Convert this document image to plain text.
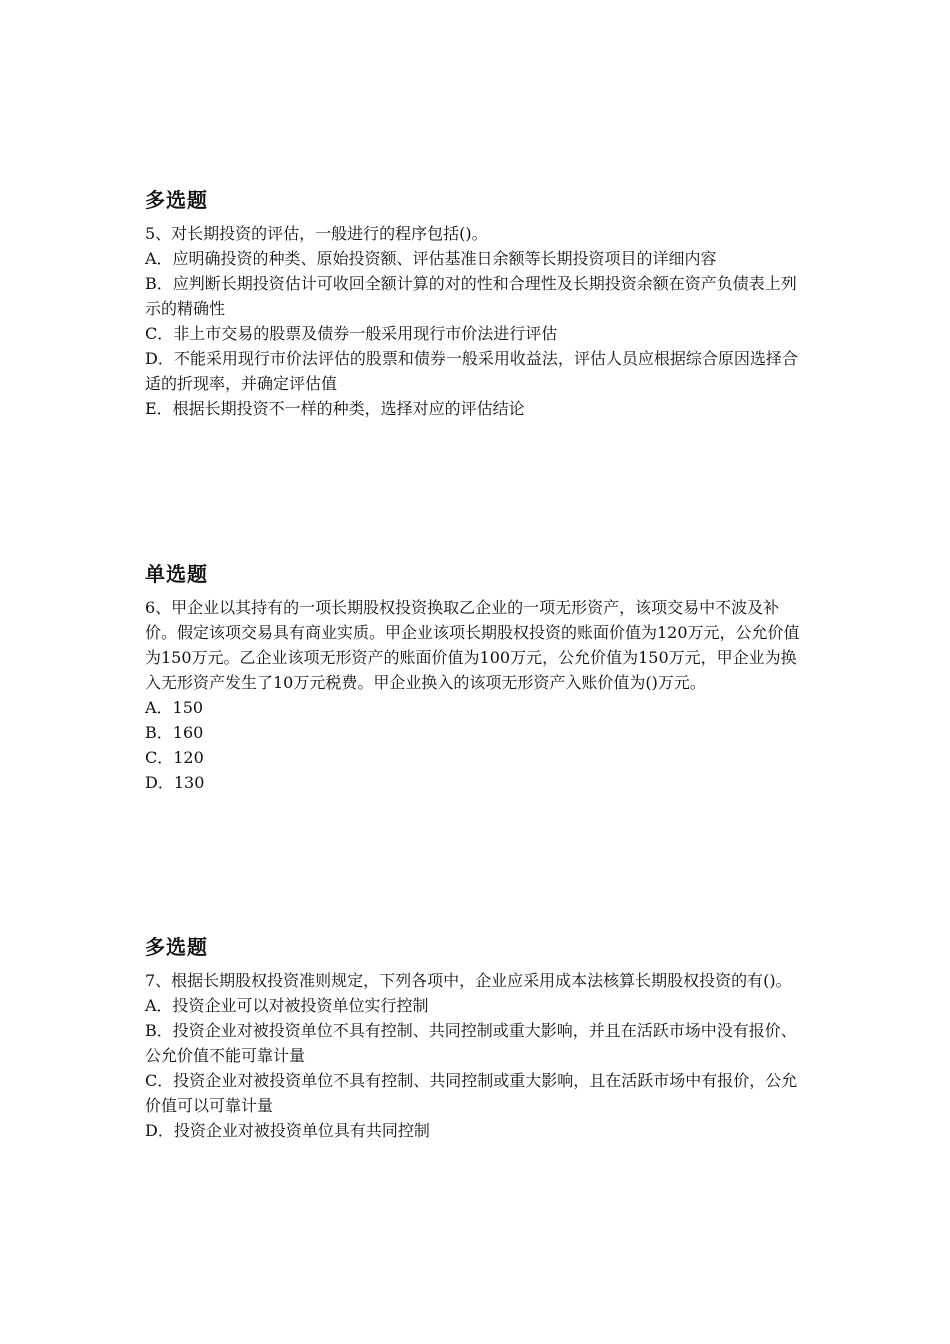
多选题

5、对长期投资的评估，一般进行的程序包括()。

A．应明确投资的种类、原始投资额、评估基准日余额等长期投资项目的详细内容

B．应判断长期投资估计可收回全额计算的对的性和合理性及长期投资余额在资产负债表上列示的精确性

C．非上市交易的股票及债券一般采用现行市价法进行评估

D．不能采用现行市价法评估的股票和债券一般采用收益法，评估人员应根据综合原因选择合适的折现率，并确定评估值

E．根据长期投资不一样的种类，选择对应的评估结论

单选题

6、甲企业以其持有的一项长期股权投资换取乙企业的一项无形资产，该项交易中不波及补价。假定该项交易具有商业实质。甲企业该项长期股权投资的账面价值为120万元，公允价值为150万元。乙企业该项无形资产的账面价值为100万元，公允价值为150万元，甲企业为换入无形资产发生了10万元税费。甲企业换入的该项无形资产入账价值为()万元。

A．150

B．160

C．120

D．130

多选题

7、根据长期股权投资准则规定，下列各项中，企业应采用成本法核算长期股权投资的有()。

A．投资企业可以对被投资单位实行控制

B．投资企业对被投资单位不具有控制、共同控制或重大影响，并且在活跃市场中没有报价、公允价值不能可靠计量

C．投资企业对被投资单位不具有控制、共同控制或重大影响，且在活跃市场中有报价，公允价值可以可靠计量

D．投资企业对被投资单位具有共同控制
